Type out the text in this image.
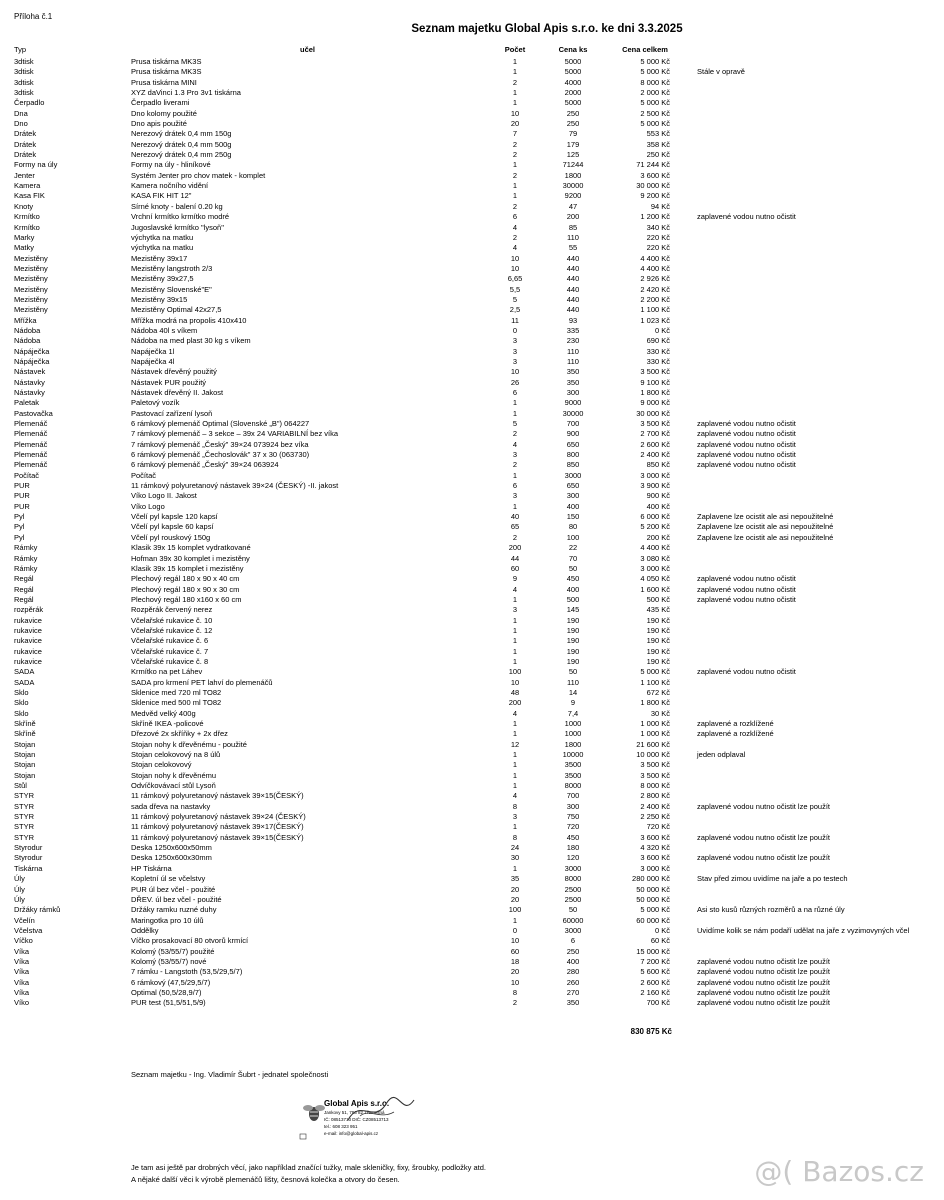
Příloha č.1
Seznam majetku Global Apis s.r.o. ke dni 3.3.2025
Typ	učel	Počet	Cena ks	Cena celkem
3dtisk	Prusa tiskárna MK3S	1	5000	5 000 Kč
3dtisk	Prusa tiskárna MK3S	1	5000	5 000 Kč	Stále v opravě
3dtisk	Prusa tiskárna MINI	2	4000	8 000 Kč
3dtisk	XYZ daVinci 1.3 Pro 3v1 tiskárna	1	2000	2 000 Kč
Čerpadlo	Čerpadlo liverami	1	5000	5 000 Kč
Dna	Dno kolomy použité	10	250	2 500 Kč
Dno	Dno apis použité	20	250	5 000 Kč
Drátek	Nerezový drátek 0,4 mm 150g	7	79	553 Kč
Drátek	Nerezový drátek 0,4 mm 500g	2	179	358 Kč
Drátek	Nerezový drátek 0,4 mm 250g	2	125	250 Kč
Formy na úly	Formy na úly - hliníkové	1	71244	71 244 Kč
Jenter	Systém Jenter pro chov matek - komplet	2	1800	3 600 Kč
Kamera	Kamera nočního vidění	1	30000	30 000 Kč
Kasa FIK	KASA FIK HIT 12"	1	9200	9 200 Kč
Knoty	Sírné knoty - balení 0.20 kg	2	47	94 Kč
Krmítko	Vrchní krmítko krmítko modré	6	200	1 200 Kč	zaplavené vodou nutno očistit
Krmítko	Jugoslavské krmítko "lysoň"	4	85	340 Kč
Marky	výchytka na matku	2	110	220 Kč
Matky	výchytka na matku	4	55	220 Kč
Mezistěny	Mezistěny 39x17	10	440	4 400 Kč
Mezistěny	Mezistěny langstroth 2/3	10	440	4 400 Kč
Mezistěny	Mezistěny 39x27,5	6,65	440	2 926 Kč
Mezistěny	Mezistěny Slovenské"E"	5,5	440	2 420 Kč
Mezistěny	Mezistěny 39x15	5	440	2 200 Kč
Mezistěny	Mezistěny Optimal 42x27,5	2,5	440	1 100 Kč
Mřížka	Mřížka modrá na propolis 410x410	11	93	1 023 Kč
Nádoba	Nádoba 40l s víkem	0	335	0 Kč
Nádoba	Nádoba na med plast 30 kg s víkem	3	230	690 Kč
Nápáječka	Napáječka 1l	3	110	330 Kč
Nápáječka	Napáječka 4l	3	110	330 Kč
Nástavek	Nástavek dřevěný použitý	10	350	3 500 Kč
Nástavky	Nástavek PUR použitý	26	350	9 100 Kč
Nástavky	Nástavek dřevěný II. Jakost	6	300	1 800 Kč
Paletak	Paletový vozík	1	9000	9 000 Kč
Pastovačka	Pastovací zařízení lysoň	1	30000	30 000 Kč
Plemenáč	6 rámkový plemenáč Optimal (Slovenské „B") 064227	5	700	3 500 Kč	zaplavené vodou nutno očistit
Plemenáč	7 rámkový plemenáč – 3 sekce – 39x 24 VARIABILNÍ bez víka	2	900	2 700 Kč	zaplavené vodou nutno očistit
Plemenáč	7 rámkový plemenáč „Český" 39×24 073924 bez víka	4	650	2 600 Kč	zaplavené vodou nutno očistit
Plemenáč	6 rámkový plemenáč „Čechoslovák" 37 x 30 (063730)	3	800	2 400 Kč	zaplavené vodou nutno očistit
Plemenáč	6 rámkový plemenáč „Český" 39×24 063924	2	850	850 Kč	zaplavené vodou nutno očistit
Počítač	Počítač	1	3000	3 000 Kč
PUR	11 rámkový polyuretanový nástavek 39×24 (ČESKÝ) -II. jakost	6	650	3 900 Kč
PUR	Víko Logo II. Jakost	3	300	900 Kč
PUR	Víko Logo	1	400	400 Kč
Pyl	Včelí pyl kapsle 120 kapsí	40	150	6 000 Kč	Zaplavene lze ocistit ale asi nepoužitelné
Pyl	Včelí pyl kapsle 60 kapsí	65	80	5 200 Kč	Zaplavene lze ocistit ale asi nepoužitelné
Pyl	Včelí pyl rouskový 150g	2	100	200 Kč	Zaplavene lze ocistit ale asi nepoužitelné
Rámky	Klasik 39x 15 komplet vydratkované	200	22	4 400 Kč
Rámky	Hofman 39x 30 komplet i mezistěny	44	70	3 080 Kč
Rámky	Klasik 39x 15 komplet i mezistěny	60	50	3 000 Kč
Regál	Plechový regál 180 x 90 x 40 cm	9	450	4 050 Kč	zaplavené vodou nutno očistit
Regál	Plechový regál 180 x 90 x 30 cm	4	400	1 600 Kč	zaplavené vodou nutno očistit
Regál	Plechový regál 180 x160 x 60 cm	1	500	500 Kč	zaplavené vodou nutno očistit
rozpěrák	Rozpěrák červený nerez	3	145	435 Kč
rukavice	Včelařské rukavice č. 10	1	190	190 Kč
rukavice	Včelařské rukavice č. 12	1	190	190 Kč
rukavice	Včelařské rukavice č. 6	1	190	190 Kč
rukavice	Včelařské rukavice č. 7	1	190	190 Kč
rukavice	Včelařské rukavice č. 8	1	190	190 Kč
SADA	Krmítko na pet Láhev	100	50	5 000 Kč	zaplavené vodou nutno očistit
SADA	SADA pro krmení PET lahví do plemenáčů	10	110	1 100 Kč
Sklo	Sklenice med 720 ml TO82	48	14	672 Kč
Sklo	Sklenice med 500 ml TO82	200	9	1 800 Kč
Sklo	Medvěd velký 400g	4	7,4	30 Kč
Skříně	Skříně IKEA -policové	1	1000	1 000 Kč	zaplavené a rozklížené
Skříně	Dřezové 2x skříňky + 2x dřez	1	1000	1 000 Kč	zaplavené a rozklížené
Stojan	Stojan nohy k dřevěnému - použité	12	1800	21 600 Kč
Stojan	Stojan celokovový na 8 úlů	1	10000	10 000 Kč	jeden odplaval
Stojan	Stojan celokovový	1	3500	3 500 Kč
Stojan	Stojan nohy k dřevěnému	1	3500	3 500 Kč
Stůl	Odvíčkovávací stůl Lysoň	1	8000	8 000 Kč
STYR	11 rámkový polyuretanový nástavek 39×15(ČESKÝ)	4	700	2 800 Kč
STYR	sada dřeva na nastavky	8	300	2 400 Kč	zaplavené vodou nutno očistit lze použít
STYR	11 rámkový polyuretanový nástavek 39×24 (ČESKÝ)	3	750	2 250 Kč
STYR	11 rámkový polyuretanový nástavek 39×17(ČESKÝ)	1	720	720 Kč
STYR	11 rámkový polyuretanový nástavek 39×15(ČESKÝ)	8	450	3 600 Kč	zaplavené vodou nutno očistit lze použít
Styrodur	Deska 1250x600x50mm	24	180	4 320 Kč
Styrodur	Deska 1250x600x30mm	30	120	3 600 Kč	zaplavené vodou nutno očistit lze použít
Tiskárna	HP Tiskárna	1	3000	3 000 Kč
Úly	Kopletní úl se včelstvy	35	8000	280 000 Kč	Stav před zimou uvidíme na jaře a po testech
Úly	PUR úl bez včel - použité	20	2500	50 000 Kč
Úly	DŘEV. úl bez včel - použité	20	2500	50 000 Kč
Držáky rámků	Držáky ramku ruzné duhy	100	50	5 000 Kč	Asi sto kusů různých rozměrů a na různé úly
Včelín	Maringotka pro 10 úlů	1	60000	60 000 Kč
Včelstva	Oddělky	0	3000	0 Kč	Uvidíme kolik se nám podaří udělat na jaře z vyzimovyných včel
Víčko	Víčko prosakovací 80 otvorů krmící	10	6	60 Kč
Víka	Kolomý (53/55/7) použité	60	250	15 000 Kč
Víka	Kolomý (53/55/7) nové	18	400	7 200 Kč	zaplavené vodou nutno očistit lze použít
Víka	7 rámku - Langstoth (53,5/29,5/7)	20	280	5 600 Kč	zaplavené vodou nutno očistit lze použít
Víka	6 rámkový (47,5/29,5/7)	10	260	2 600 Kč	zaplavené vodou nutno očistit lze použít
Víka	Optimal (50,5/28,9/7)	8	270	2 160 Kč	zaplavené vodou nutno očistit lze použít
Víko	PUR test (51,5/51,5/9)	2	350	700 Kč	zaplavené vodou nutno očistit lze použít
830 875 Kč
Seznam majetku - Ing. Vladimír Šubrt - jednatel společnosti
Global Apis s.r.o.
Jankovy 51, 793 82 Třemešná
IČ: 08513713 DIČ: CZ08513713
tel.: 608 323 951
e-mail: info@global-apis.cz
Je tam asi ještě par drobných věcí, jako například značící tužky, male skleničky, fixy, šroubky, podložky atd.
A nějaké další věci k výrobě plemenáčů lišty, česnová kolečka a otvory do česen.	@( Bazos.cz
